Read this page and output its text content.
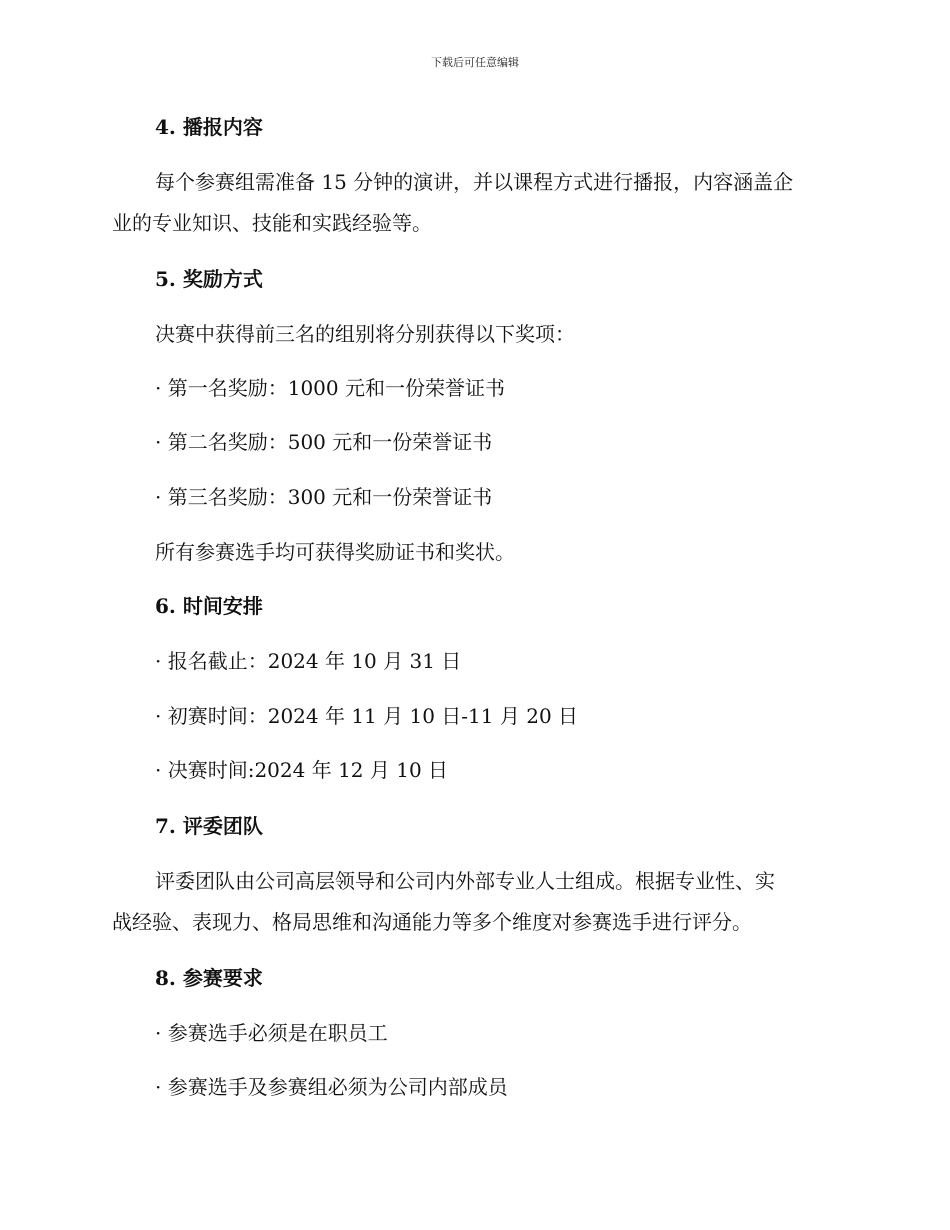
下载后可任意编辑
4. 播报内容
每个参赛组需准备 15 分钟的演讲，并以课程方式进行播报，内容涵盖企
业的专业知识、技能和实践经验等。
5. 奖励方式
决赛中获得前三名的组别将分别获得以下奖项：
· 第一名奖励：1000 元和一份荣誉证书
· 第二名奖励：500 元和一份荣誉证书
· 第三名奖励：300 元和一份荣誉证书
所有参赛选手均可获得奖励证书和奖状。
6. 时间安排
· 报名截止：2024 年 10 月 31 日
· 初赛时间：2024 年 11 月 10 日-11 月 20 日
· 决赛时间:2024 年 12 月 10 日
7. 评委团队
评委团队由公司高层领导和公司内外部专业人士组成。根据专业性、实
战经验、表现力、格局思维和沟通能力等多个维度对参赛选手进行评分。
8. 参赛要求
· 参赛选手必须是在职员工
· 参赛选手及参赛组必须为公司内部成员
